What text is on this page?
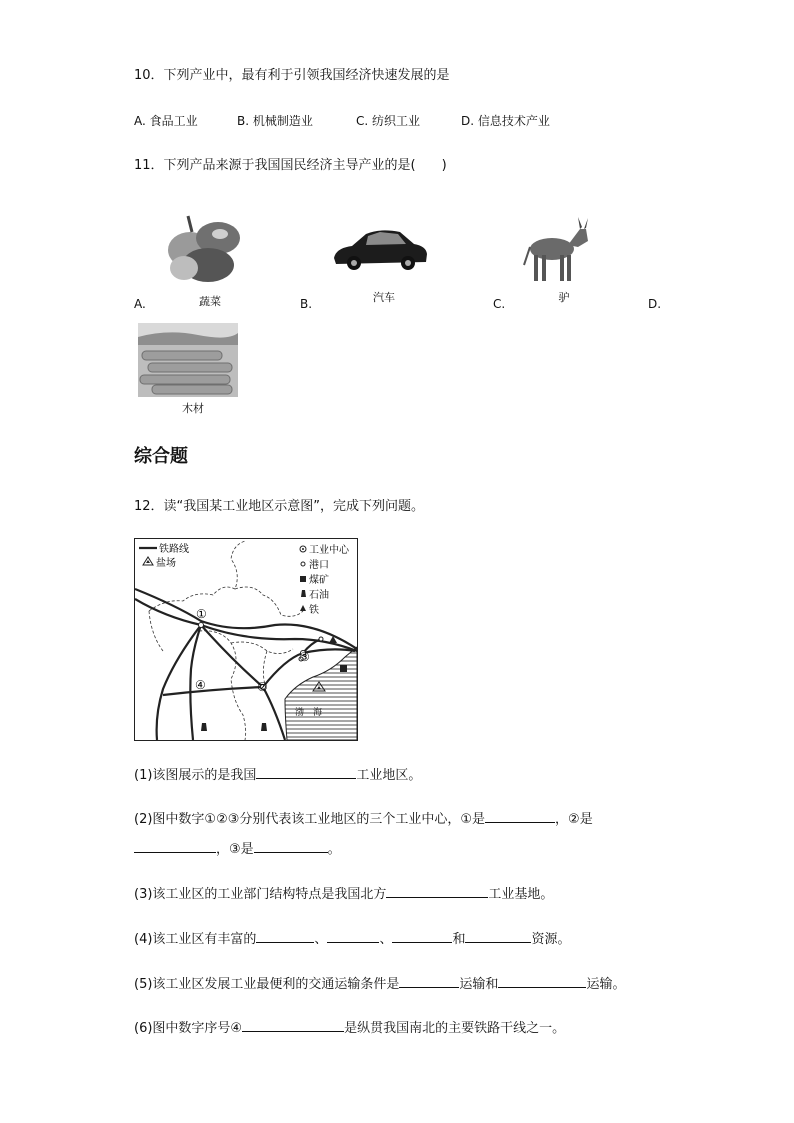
10．下列产业中，最有利于引领我国经济快速发展的是
A. 食品工业	B. 机械制造业	C. 纺织工业	D. 信息技术产业
11．下列产品来源于我国国民经济主导产业的是(　　)
A.	蔬菜	B.	汽车	C.	驴	D.
木材
综合题
12．读“我国某工业地区示意图”，完成下列问题。
铁路线
盐场
工业中心
港口
煤矿
石油
铁
①
②
③
④
渤　海
(1)该图展示的是我国	工业地区。
(2)图中数字①②③分别代表该工业地区的三个工业中心，①是	，②是
，③是	。
(3)该工业区的工业部门结构特点是我国北方	工业基地。
(4)该工业区有丰富的	、	、	和	资源。
(5)该工业区发展工业最便利的交通运输条件是	运输和	运输。
(6)图中数字序号④	是纵贯我国南北的主要铁路干线之一。
